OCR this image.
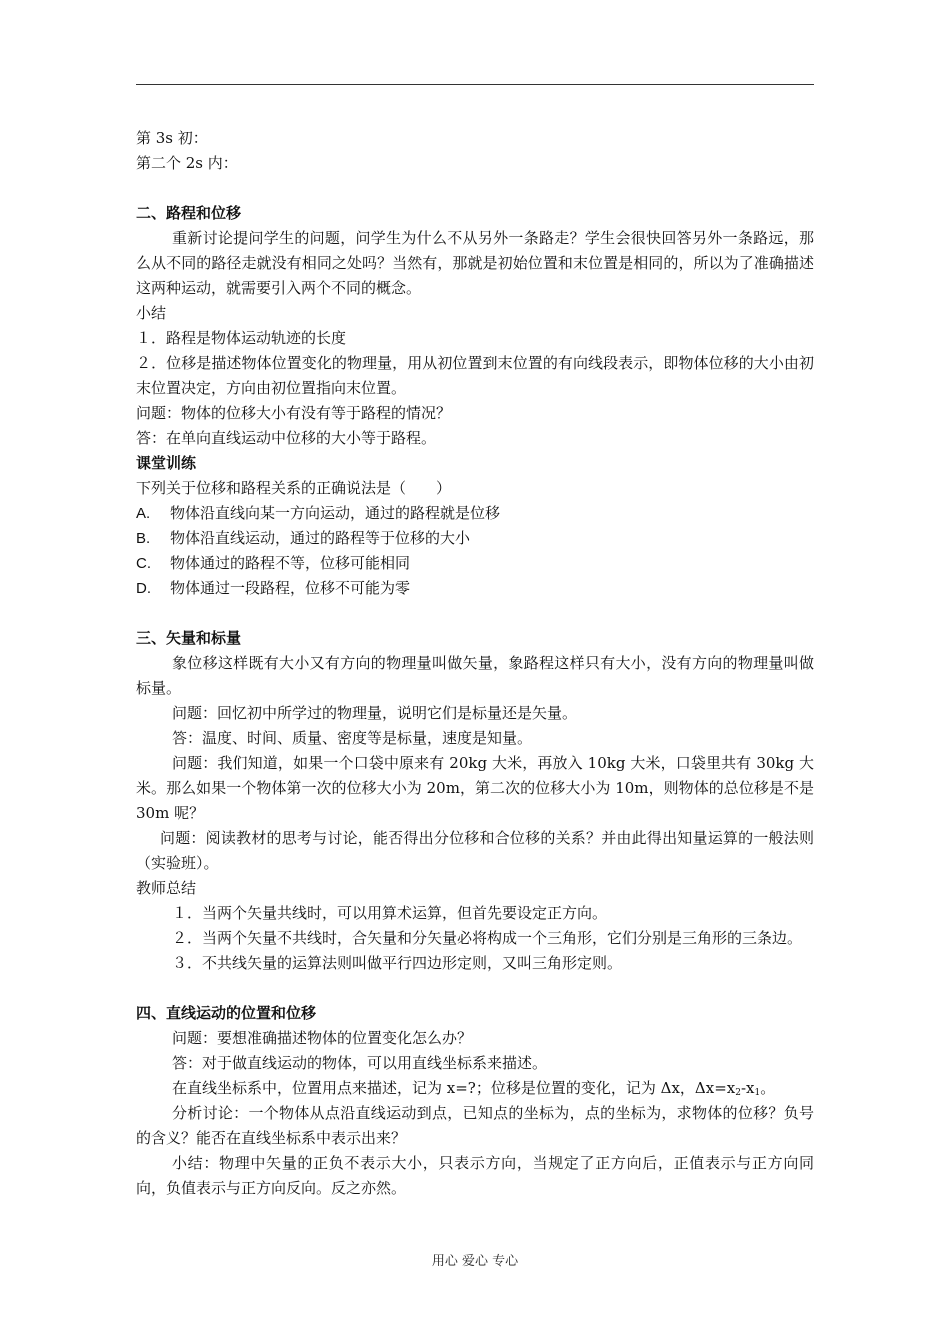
第 3s 初：
第二个 2s 内：
二、路程和位移
重新讨论提问学生的问题，问学生为什么不从另外一条路走？学生会很快回答另外一条路远，那么从不同的路径走就没有相同之处吗？当然有，那就是初始位置和末位置是相同的，所以为了准确描述这两种运动，就需要引入两个不同的概念。
小结
１．路程是物体运动轨迹的长度
２．位移是描述物体位置变化的物理量，用从初位置到末位置的有向线段表示，即物体位移的大小由初末位置决定，方向由初位置指向末位置。
问题：物体的位移大小有没有等于路程的情况？
答：在单向直线运动中位移的大小等于路程。
课堂训练
下列关于位移和路程关系的正确说法是（　　）
A.	物体沿直线向某一方向运动，通过的路程就是位移
B.	物体沿直线运动，通过的路程等于位移的大小
C.	物体通过的路程不等，位移可能相同
D.	物体通过一段路程，位移不可能为零
三、矢量和标量
象位移这样既有大小又有方向的物理量叫做矢量，象路程这样只有大小，没有方向的物理量叫做标量。
问题：回忆初中所学过的物理量，说明它们是标量还是矢量。
答：温度、时间、质量、密度等是标量，速度是知量。
问题：我们知道，如果一个口袋中原来有 20kg 大米，再放入 10kg 大米，口袋里共有 30kg 大米。那么如果一个物体第一次的位移大小为 20m，第二次的位移大小为 10m，则物体的总位移是不是 30m 呢？
问题：阅读教材的思考与讨论，能否得出分位移和合位移的关系？并由此得出知量运算的一般法则（实验班）。
教师总结
１．当两个矢量共线时，可以用算术运算，但首先要设定正方向。
２．当两个矢量不共线时，合矢量和分矢量必将构成一个三角形，它们分别是三角形的三条边。
３．不共线矢量的运算法则叫做平行四边形定则，又叫三角形定则。
四、直线运动的位置和位移
问题：要想准确描述物体的位置变化怎么办？
答：对于做直线运动的物体，可以用直线坐标系来描述。
在直线坐标系中，位置用点来描述，记为 x=?；位移是位置的变化，记为 Δx，$\Delta x=x_2-x_1$。
分析讨论：一个物体从点沿直线运动到点，已知点的坐标为，点的坐标为，求物体的位移？负号的含义？能否在直线坐标系中表示出来？
小结：物理中矢量的正负不表示大小，只表示方向，当规定了正方向后，正值表示与正方向同向，负值表示与正方向反向。反之亦然。
用心 爱心 专心
